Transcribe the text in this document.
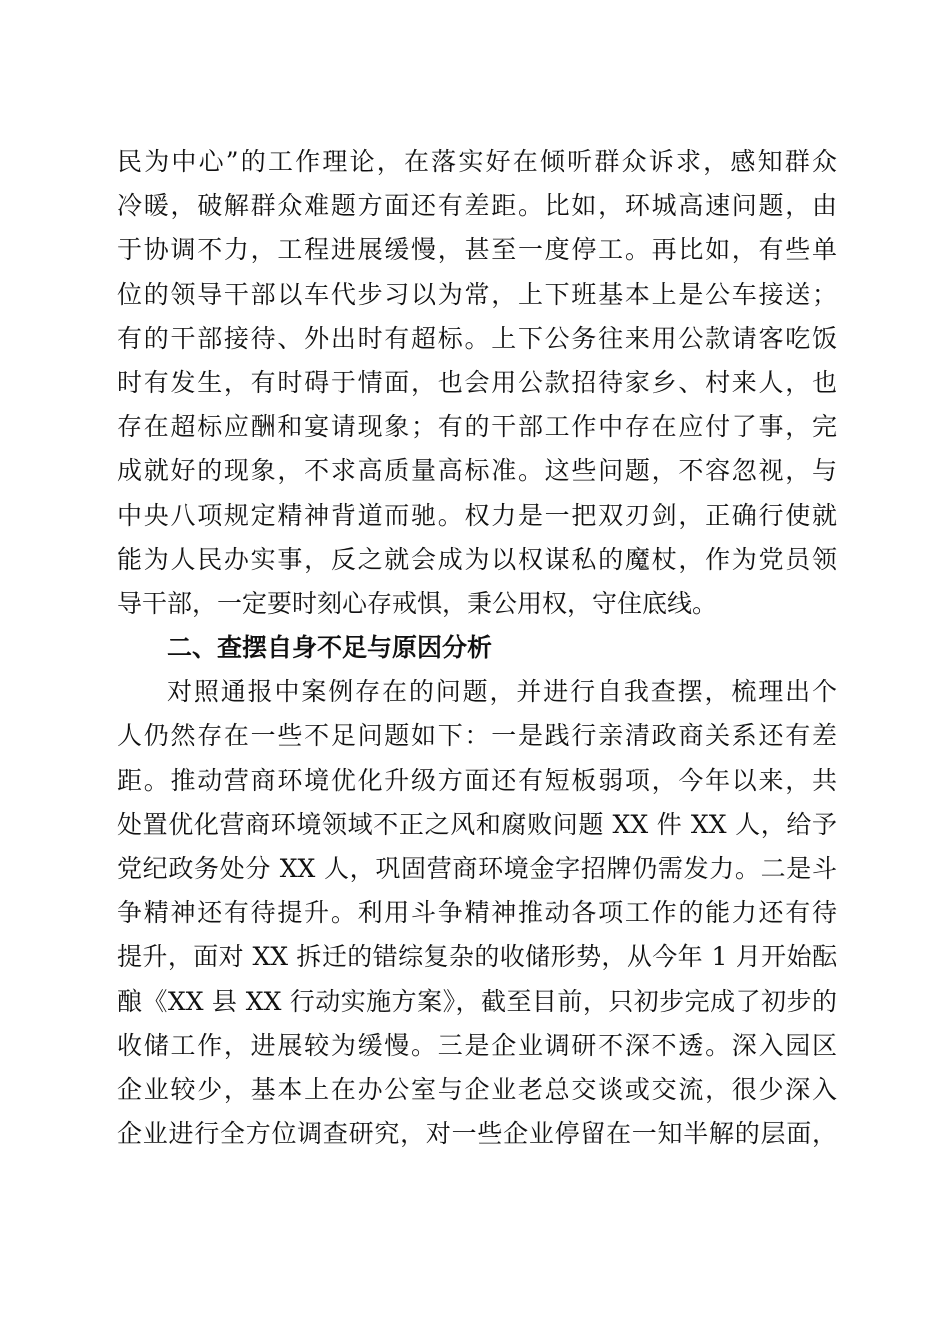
民为中心”的工作理论，在落实好在倾听群众诉求，感知群众
冷暖，破解群众难题方面还有差距。比如，环城高速问题，由
于协调不力，工程进展缓慢，甚至一度停工。再比如，有些单
位的领导干部以车代步习以为常，上下班基本上是公车接送；
有的干部接待、外出时有超标。上下公务往来用公款请客吃饭
时有发生，有时碍于情面，也会用公款招待家乡、村来人，也
存在超标应酬和宴请现象；有的干部工作中存在应付了事，完
成就好的现象，不求高质量高标准。这些问题，不容忽视，与
中央八项规定精神背道而驰。权力是一把双刃剑，正确行使就
能为人民办实事，反之就会成为以权谋私的魔杖，作为党员领
导干部，一定要时刻心存戒惧，秉公用权，守住底线。
二、查摆自身不足与原因分析
对照通报中案例存在的问题，并进行自我查摆，梳理出个
人仍然存在一些不足问题如下：一是践行亲清政商关系还有差
距。推动营商环境优化升级方面还有短板弱项，今年以来，共
处置优化营商环境领域不正之风和腐败问题 XX 件 XX 人，给予
党纪政务处分 XX 人，巩固营商环境金字招牌仍需发力。二是斗
争精神还有待提升。利用斗争精神推动各项工作的能力还有待
提升，面对 XX 拆迁的错综复杂的收储形势，从今年 1 月开始酝
酿《XX 县 XX 行动实施方案》，截至目前，只初步完成了初步的
收储工作，进展较为缓慢。三是企业调研不深不透。深入园区
企业较少，基本上在办公室与企业老总交谈或交流，很少深入
企业进行全方位调查研究，对一些企业停留在一知半解的层面，
